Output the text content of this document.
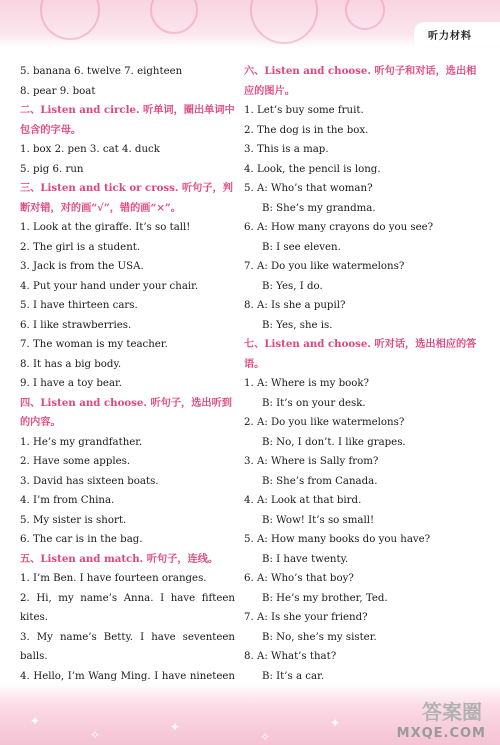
听力材料
5. banana 6. twelve 7. eighteen
8. pear 9. boat
二、Listen and circle. 听单词，圈出单词中包含的字母。
1. box 2. pen 3. cat 4. duck
5. pig 6. run
三、Listen and tick or cross. 听句子，判断对错，对的画“√”，错的画“×”。
1. Look at the giraffe. It’s so tall!
2. The girl is a student.
3. Jack is from the USA.
4. Put your hand under your chair.
5. I have thirteen cars.
6. I like strawberries.
7. The woman is my teacher.
8. It has a big body.
9. I have a toy bear.
四、Listen and choose. 听句子，选出听到的内容。
1. He’s my grandfather.
2. Have some apples.
3. David has sixteen boats.
4. I’m from China.
5. My sister is short.
6. The car is in the bag.
五、Listen and match. 听句子，连线。
1. I’m Ben. I have fourteen oranges.
2. Hi, my name’s Anna. I have fifteen kites.
3. My name’s Betty. I have seventeen balls.
4. Hello, I’m Wang Ming. I have nineteen
六、Listen and choose. 听句子和对话，选出相应的图片。
1. Let’s buy some fruit.
2. The dog is in the box.
3. This is a map.
4. Look, the pencil is long.
5. A: Who’s that woman?
B: She’s my grandma.
6. A: How many crayons do you see?
B: I see eleven.
7. A: Do you like watermelons?
B: Yes, I do.
8. A: Is she a pupil?
B: Yes, she is.
七、Listen and choose. 听对话，选出相应的答语。
1. A: Where is my book?
B: It’s on your desk.
2. A: Do you like watermelons?
B: No, I don’t. I like grapes.
3. A: Where is Sally from?
B: She’s from Canada.
4. A: Look at that bird.
B: Wow! It’s so small!
5. A: How many books do you have?
B: I have twenty.
6. A: Who’s that boy?
B: He’s my brother, Ted.
7. A: Is she your friend?
B: No, she’s my sister.
8. A: What’s that?
B: It’s a car.
✦
✧
✦
✧
✦	答案圈
MXQE.COM
